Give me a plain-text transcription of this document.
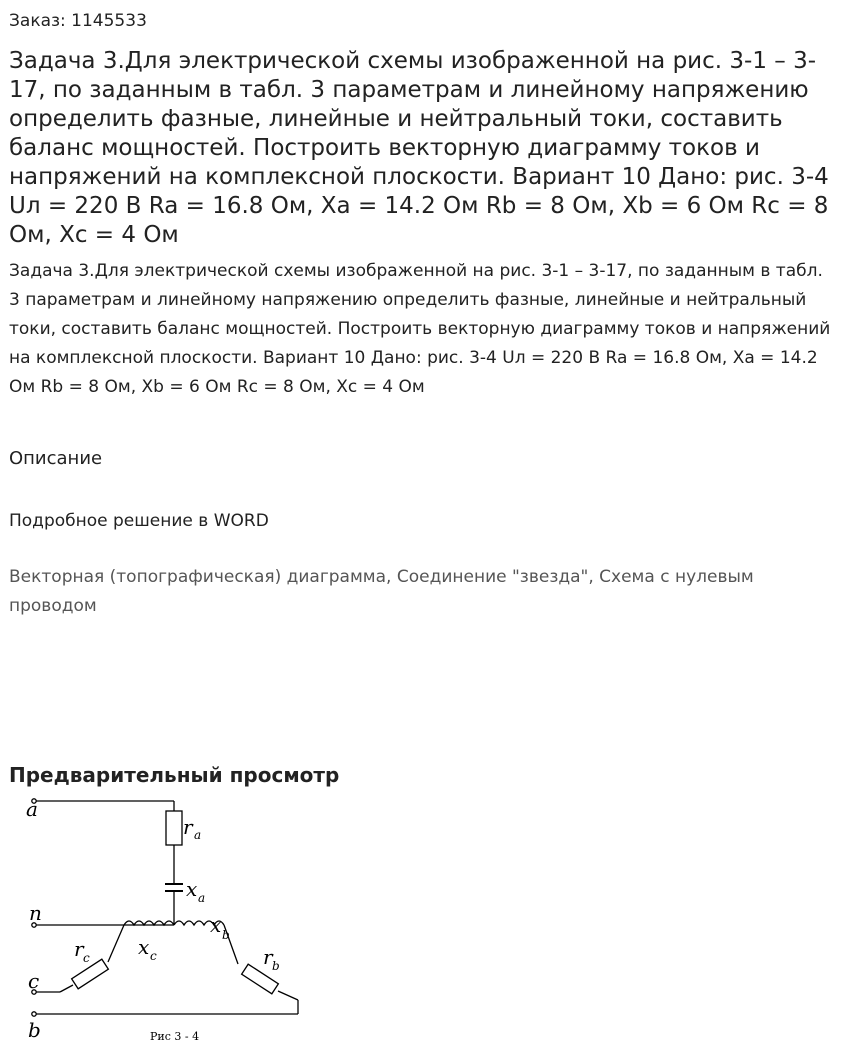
Заказ: 1145533
Задача 3.Для электрической схемы изображенной на рис. 3-1 – 3-17, по заданным в табл. 3 параметрам и линейному напряжению определить фазные, линейные и нейтральный токи, составить баланс мощностей. Построить векторную диаграмму токов и напряжений на комплексной плоскости. Вариант 10 Дано: рис. 3-4 Uл = 220 В Ra = 16.8 Ом, Xa = 14.2 Ом Rb = 8 Ом, Xb = 6 Ом Rc = 8 Ом, Xc = 4 Ом
Задача 3.Для электрической схемы изображенной на рис. 3-1 – 3-17, по заданным в табл. 3 параметрам и линейному напряжению определить фазные, линейные и нейтральный токи, составить баланс мощностей. Построить векторную диаграмму токов и напряжений на комплексной плоскости. Вариант 10 Дано: рис. 3-4 Uл = 220 В Ra = 16.8 Ом, Xa = 14.2 Ом Rb = 8 Ом, Xb = 6 Ом Rc = 8 Ом, Xc = 4 Ом
Описание
Подробное решение в WORD
Векторная (топографическая) диаграмма, Соединение "звезда", Схема с нулевым проводом
Предварительный просмотр
a
n
c
b
r a
x a
x b
r b
x c
r c
Рис 3 - 4
